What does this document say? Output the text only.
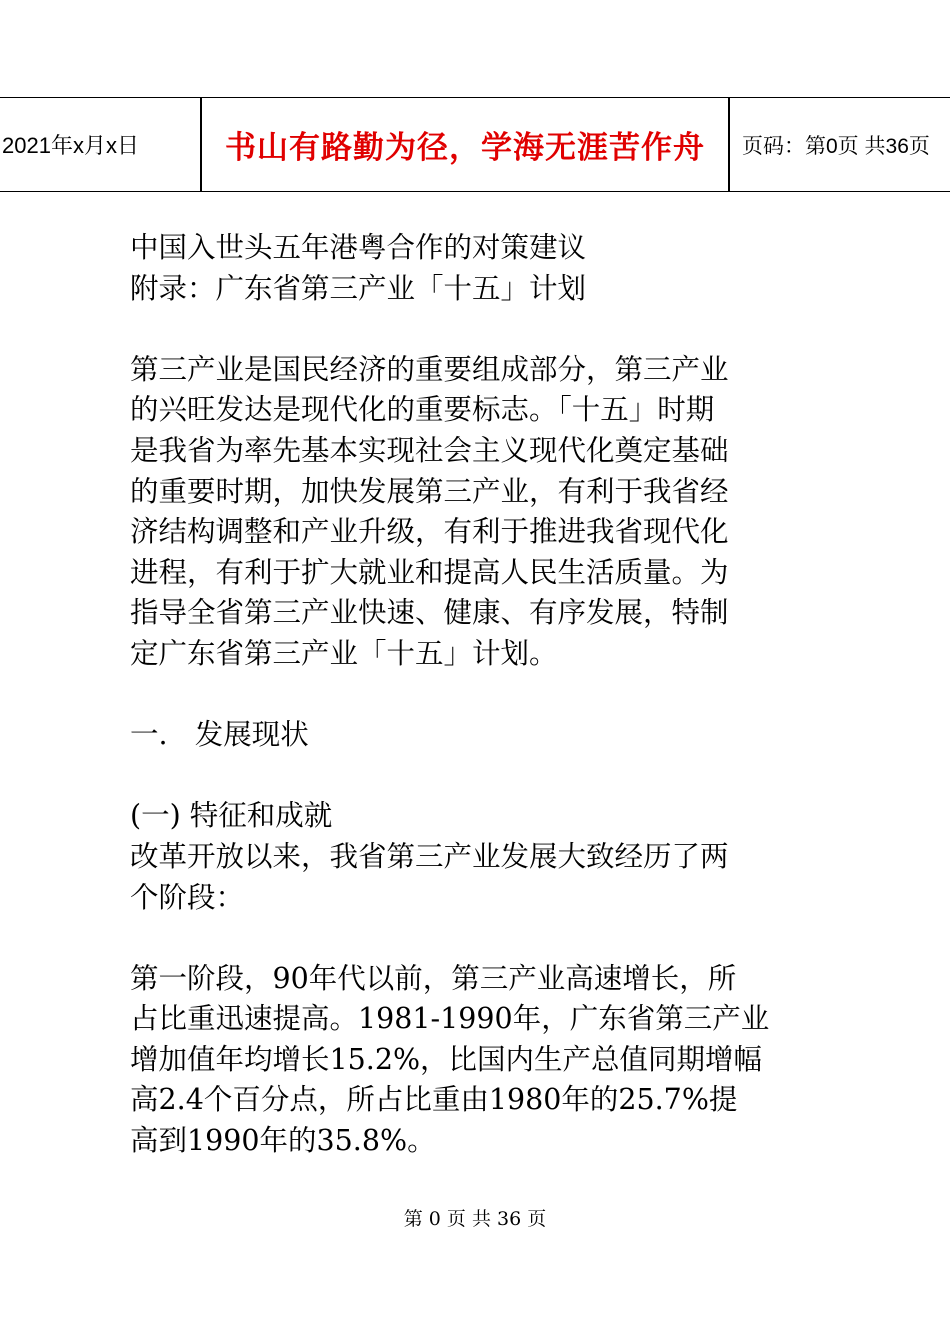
2021年x月x日	书山有路勤为径，学海无涯苦作舟	页码：第0页 共36页
中国入世头五年港粤合作的对策建议
附录：广东省第三产业「十五」计划
第三产业是国民经济的重要组成部分，第三产业
的兴旺发达是现代化的重要标志。「十五」时期
是我省为率先基本实现社会主义现代化奠定基础
的重要时期，加快发展第三产业，有利于我省经
济结构调整和产业升级，有利于推进我省现代化
进程，有利于扩大就业和提高人民生活质量。为
指导全省第三产业快速、健康、有序发展，特制
定广东省第三产业「十五」计划。
一.   发展现状
(一) 特征和成就
改革开放以来，我省第三产业发展大致经历了两
个阶段：
第一阶段，90年代以前，第三产业高速增长，所
占比重迅速提高。1981-1990年，广东省第三产业
增加值年均增长15.2%，比国内生产总值同期增幅
高2.4个百分点，所占比重由1980年的25.7%提
高到1990年的35.8%。
第 0 页 共 36 页
